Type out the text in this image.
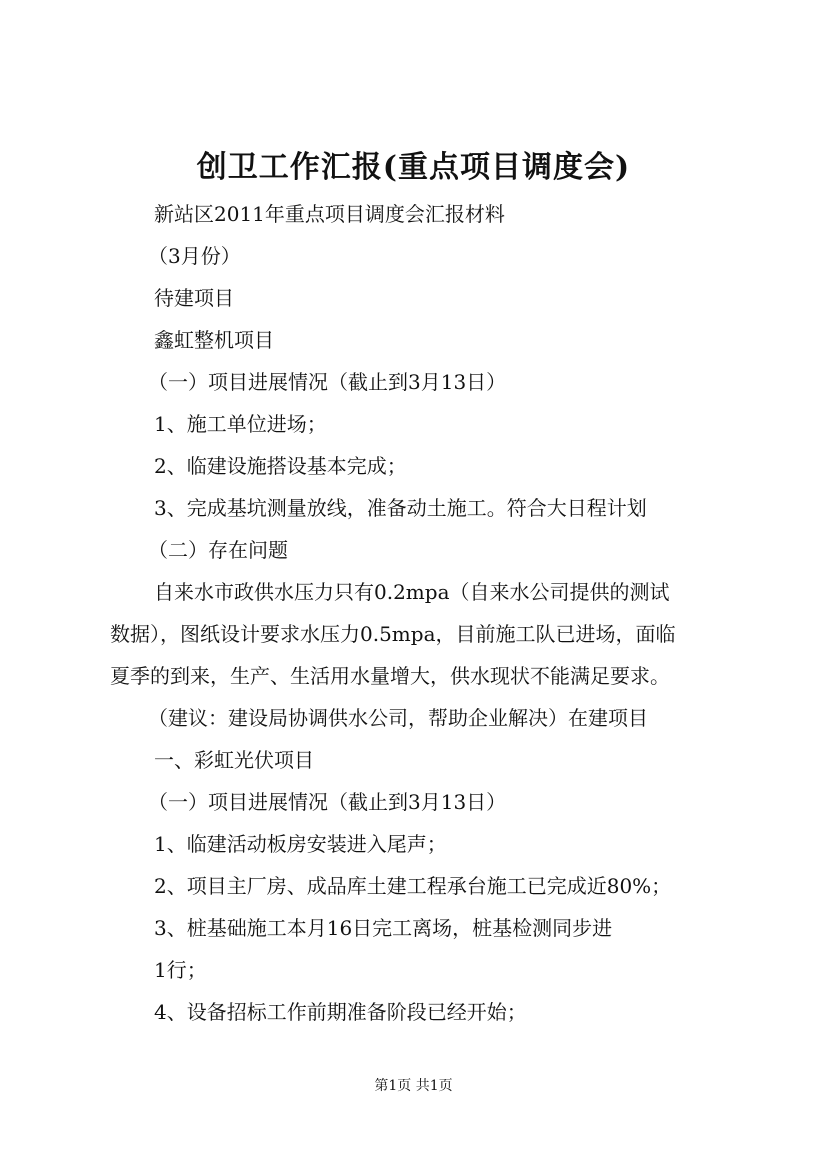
创卫工作汇报(重点项目调度会)
新站区2011年重点项目调度会汇报材料
（3月份）
待建项目
鑫虹整机项目
（一）项目进展情况（截止到3月13日）
1、施工单位进场；
2、临建设施搭设基本完成；
3、完成基坑测量放线，准备动土施工。符合大日程计划
（二）存在问题
自来水市政供水压力只有0.2mpa（自来水公司提供的测试
数据），图纸设计要求水压力0.5mpa，目前施工队已进场，面临
夏季的到来，生产、生活用水量增大，供水现状不能满足要求。
（建议：建设局协调供水公司，帮助企业解决）在建项目
一、彩虹光伏项目
（一）项目进展情况（截止到3月13日）
1、临建活动板房安装进入尾声；
2、项目主厂房、成品库土建工程承台施工已完成近80%；
3、桩基础施工本月16日完工离场，桩基检测同步进
1行；
4、设备招标工作前期准备阶段已经开始；
第1页 共1页
